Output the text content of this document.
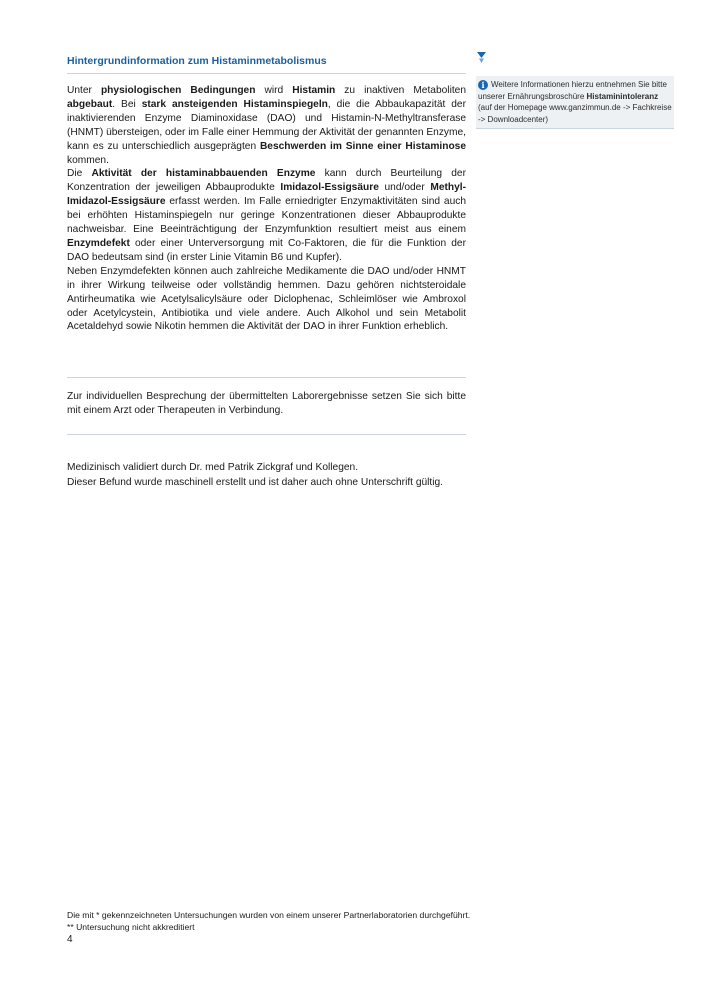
Hintergrundinformation zum Histaminmetabolismus

Unter physiologischen Bedingungen wird Histamin zu inaktiven Metaboliten abgebaut. Bei stark ansteigenden Histaminspiegeln, die die Abbaukapazität der inaktivierenden Enzyme Diaminoxidase (DAO) und Histamin-N-Methyltransferase (HNMT) übersteigen, oder im Falle einer Hemmung der Aktivität der genannten Enzyme, kann es zu unterschiedlich ausgeprägten Beschwerden im Sinne einer Histaminose kommen.

Die Aktivität der histaminabbauenden Enzyme kann durch Beurteilung der Konzentration der jeweiligen Abbauprodukte Imidazol-Essigsäure und/oder Methyl-Imidazol-Essigsäure erfasst werden. Im Falle erniedrigter Enzymaktivitäten sind auch bei erhöhten Histaminspiegeln nur geringe Konzentrationen dieser Abbauprodukte nachweisbar. Eine Beeinträchtigung der Enzymfunktion resultiert meist aus einem Enzymdefekt oder einer Unterversorgung mit Co-Faktoren, die für die Funktion der DAO bedeutsam sind (in erster Linie Vitamin B6 und Kupfer).

Neben Enzymdefekten können auch zahlreiche Medikamente die DAO und/oder HNMT in ihrer Wirkung teilweise oder vollständig hemmen. Dazu gehören nichtsteroidale Antirheumatika wie Acetylsalicylsäure oder Diclophenac, Schleimlöser wie Ambroxol oder Acetylcystein, Antibiotika und viele andere. Auch Alkohol und sein Metabolit Acetaldehyd sowie Nikotin hemmen die Aktivität der DAO in ihrer Funktion erheblich.

Zur individuellen Besprechung der übermittelten Laborergebnisse setzen Sie sich bitte mit einem Arzt oder Therapeuten in Verbindung.
Medizinisch validiert durch Dr. med Patrik Zickgraf und Kollegen.
Dieser Befund wurde maschinell erstellt und ist daher auch ohne Unterschrift gültig.
i Weitere Informationen hierzu entnehmen Sie bitte unserer Ernährungsbroschüre Histaminintoleranz (auf der Homepage www.ganzimmun.de -> Fachkreise -> Downloadcenter)
Die mit * gekennzeichneten Untersuchungen wurden von einem unserer Partnerlaboratorien durchgeführt.
** Untersuchung nicht akkreditiert
4
